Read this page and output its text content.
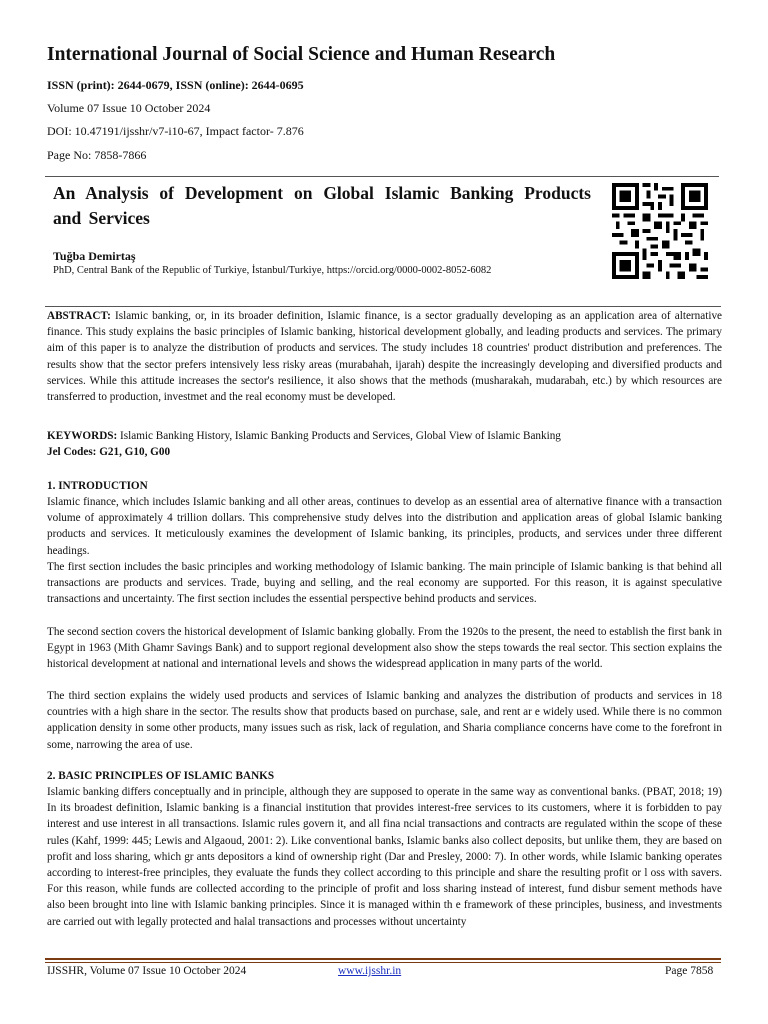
International Journal of Social Science and Human Research

ISSN (print): 2644-0679, ISSN (online): 2644-0695

Volume 07 Issue 10 October 2024

DOI: 10.47191/ijsshr/v7-i10-67, Impact factor- 7.876

Page No: 7858-7866

An Analysis of Development on Global Islamic Banking Products and Services
Tuğba Demirtaş
PhD, Central Bank of the Republic of Turkiye, İstanbul/Turkiye, https://orcid.org/0000-0002-8052-6082

ABSTRACT: Islamic banking, or, in its broader definition, Islamic finance, is a sector gradually developing as an application area of alternative finance. This study explains the basic principles of Islamic banking, historical development globally, and leading products and services. The primary aim of this paper is to analyze the distribution of products and services. The study includes 18 countries' product distribution and preferences. The results show that the sector prefers intensively less risky areas (murabahah, ijarah) despite the increasingly developing and diversified products and services. While this attitude increases the sector's resilience, it also shows that the methods (musharakah, mudarabah, etc.) by which resources are transferred to production, investmet and the real economy must be developed.

KEYWORDS: Islamic Banking History, Islamic Banking Products and Services, Global View of Islamic Banking

Jel Codes: G21, G10, G00

1. INTRODUCTION

Islamic finance, which includes Islamic banking and all other areas, continues to develop as an essential area of alternative finance with a transaction volume of approximately 4 trillion dollars. This comprehensive study delves into the distribution and application areas of global Islamic banking products and services. It meticulously examines the development of Islamic banking, its principles, products, and services under three different headings.

The first section includes the basic principles and working methodology of Islamic banking. The main principle of Islamic banking is that behind all transactions are products and services. Trade, buying and selling, and the real economy are supported. For this reason, it is against speculative transactions and uncertainty. The first section includes the essential perspective behind products and services.

The second section covers the historical development of Islamic banking globally. From the 1920s to the present, the need to establish the first bank in Egypt in 1963 (Mith Ghamr Savings Bank) and to support regional development also show the steps towards the real sector. This section explains the historical development at national and international levels and shows the widespread application in many parts of the world.

The third section explains the widely used products and services of Islamic banking and analyzes the distribution of products and services in 18 countries with a high share in the sector. The results show that products based on purchase, sale, and rent ar e widely used. While there is no common application density in some other products, many issues such as risk, lack of regulation, and Sharia compliance concerns have come to the forefront in some, narrowing the area of use.

2. BASIC PRINCIPLES OF ISLAMIC BANKS

Islamic banking differs conceptually and in principle, although they are supposed to operate in the same way as conventional banks. (PBAT, 2018; 19) In its broadest definition, Islamic banking is a financial institution that provides interest-free services to its customers, where it is forbidden to pay interest and use interest in all transactions. Islamic rules govern it, and all fina ncial transactions and contracts are regulated within the scope of these rules (Kahf, 1999: 445; Lewis and Algaoud, 2001: 2). Like conventional banks, Islamic banks also collect deposits, but unlike them, they are based on profit and loss sharing, which gr ants depositors a kind of ownership right (Dar and Presley, 2000: 7). In other words, while Islamic banking operates according to interest-free principles, they evaluate the funds they collect according to this principle and share the resulting profit or l oss with savers. For this reason, while funds are collected according to the principle of profit and loss sharing instead of interest, fund disbur sement methods have also been brought into line with Islamic banking principles. Since it is managed within th e framework of these principles, business, and investments are carried out with legally protected and halal transactions and processes without uncertainty

IJSSHR, Volume 07 Issue 10 October 2024	www.ijsshr.in	Page 7858
